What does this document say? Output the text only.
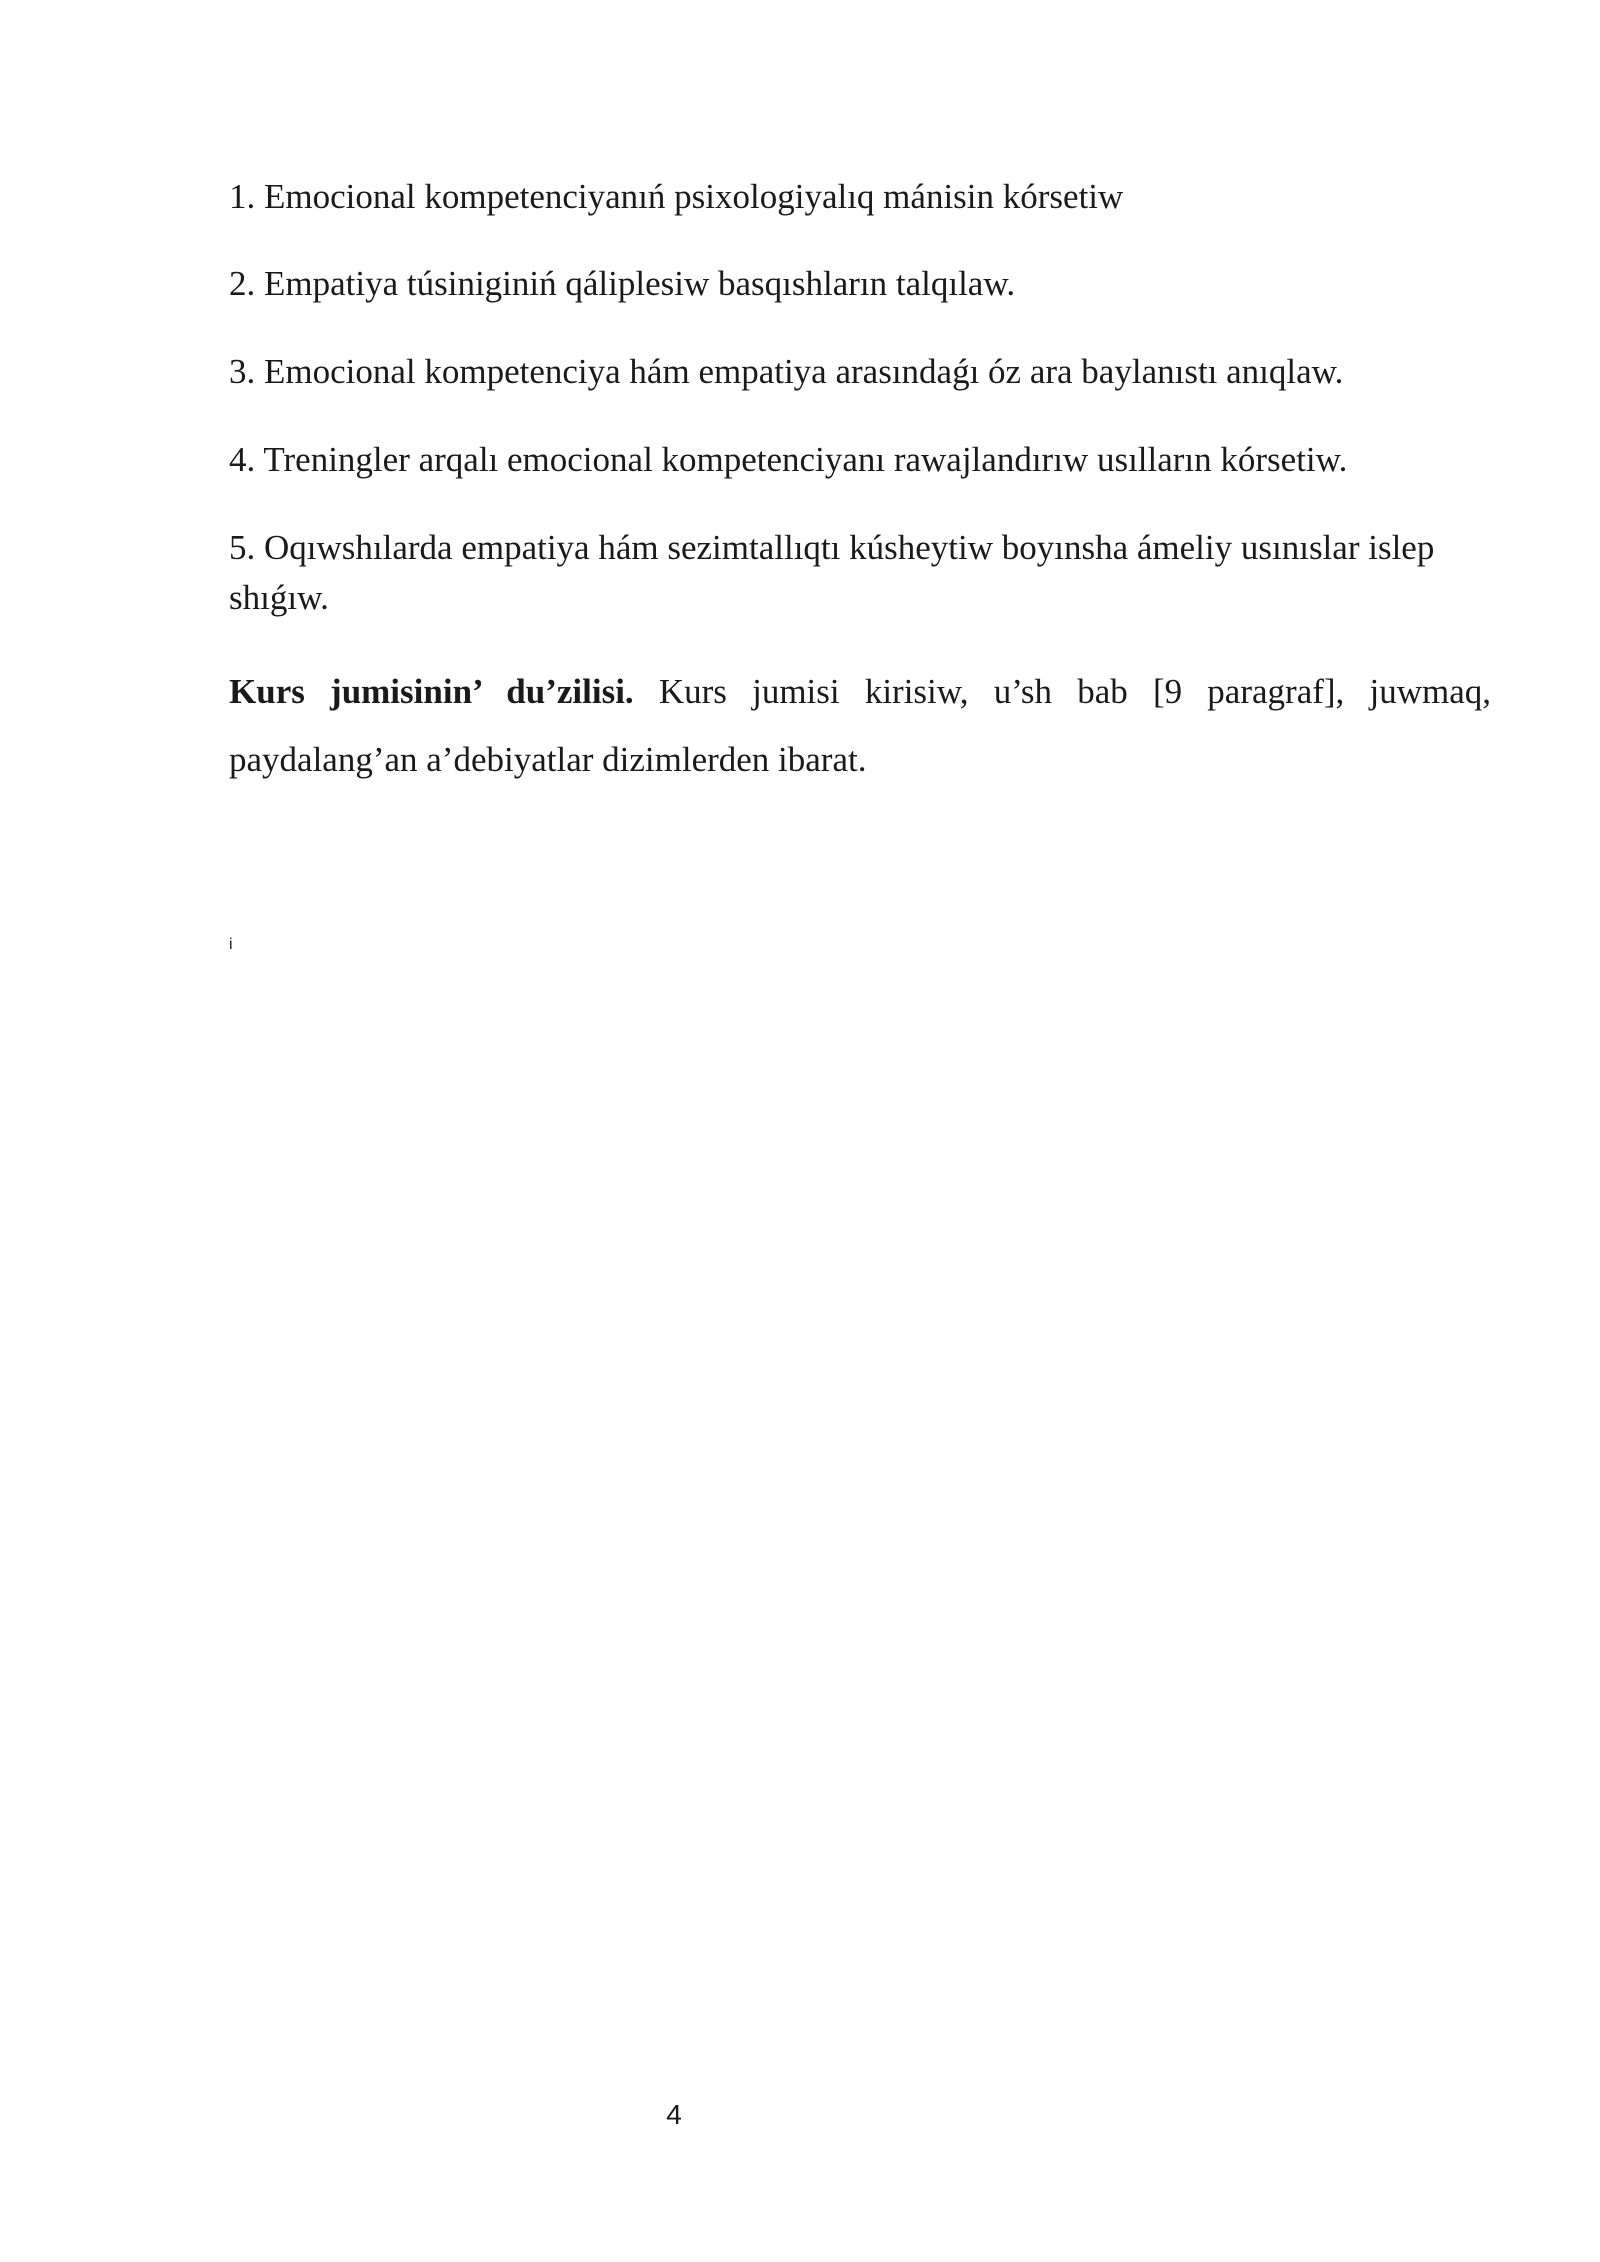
1. Emocional kompetenciyanıń psixologiyalıq mánisin kórsetiw
2. Empatiya túsiniginiń qáliplesiw basqıshların talqılaw.
3. Emocional kompetenciya hám empatiya arasındaǵı óz ara baylanıstı anıqlaw.
4. Treningler arqalı emocional kompetenciyanı rawajlandırıw usılların kórsetiw.
5. Oqıwshılarda empatiya hám sezimtallıqtı kúsheytiw boyınsha ámeliy usınıslar islep shıǵıw.
Kurs jumisinin’ du’zilisi. Kurs jumisi kirisiw, u’sh bab [9 paragraf], juwmaq, paydalang’an a’debiyatlar dizimlerden ibarat.
i
4
